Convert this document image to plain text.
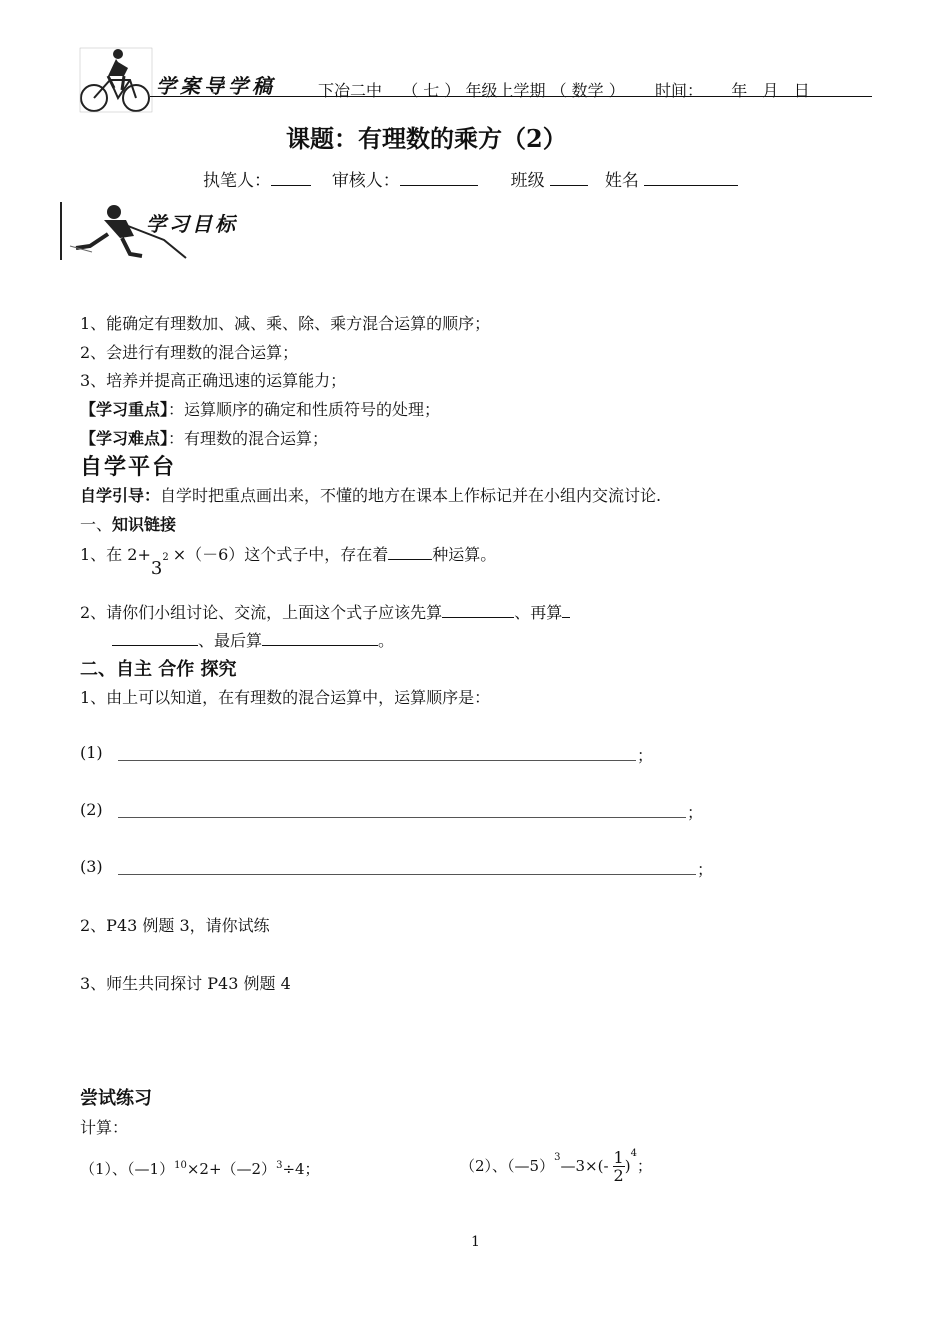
学案导学稿	下冶二中 （ 七 ） 年级上学期 （ 数学 ） 时间： 年   月   日
课题：有理数的乘方（2）
执笔人：	审核人：	班级	姓名
学习目标
1、能确定有理数加、减、乘、除、乘方混合运算的顺序；
2、会进行有理数的混合运算；
3、培养并提高正确迅速的运算能力；
【学习重点】：运算顺序的确定和性质符号的处理；
【学习难点】：有理数的混合运算；
自学平台
自学引导：自学时把重点画出来，不懂的地方在课本上作标记并在小组内交流讨论.
一、知识链接
1、在 $2+3^2 \times(-6)$这个式子中，存在着	种运算。
2、请你们小组讨论、交流，上面这个式子应该先算	、再算
、最后算	。
二、自主 合作 探究
1、由上可以知道，在有理数的混合运算中，运算顺序是：
(1)	；
(2)	；
(3)	；
2、P43 例题 3，请你试练
3、师生共同探讨 P43 例题 4
尝试练习
计算：
（1）、（—1）$^{10}$×2+（—2）$^3$÷4；	（2）、（—5）$^3$—3×(- $\frac{1}{2} )^4$；
1
